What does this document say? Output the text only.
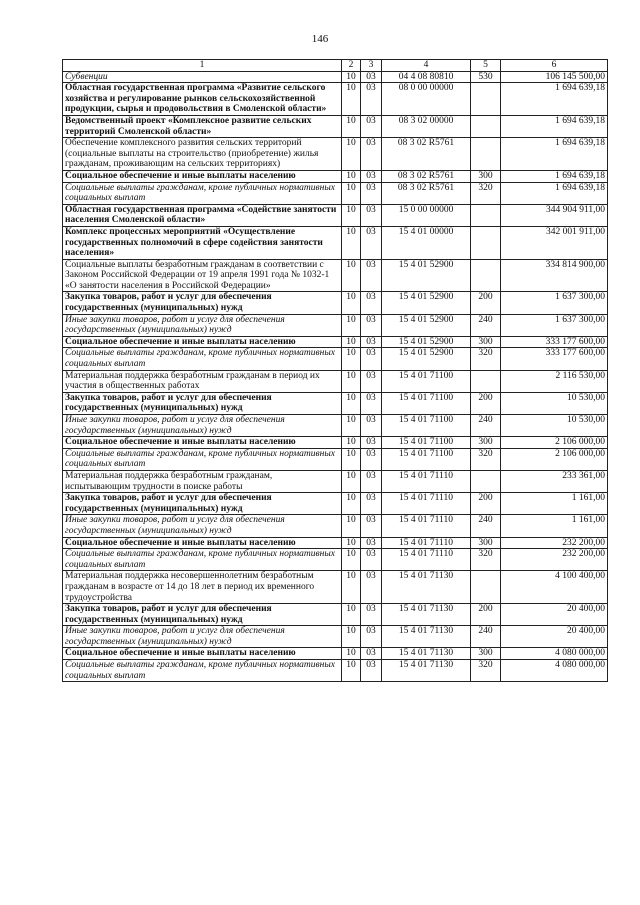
146
1	2	3	4	5	6
Субвенции	10	03	04 4 08 80810	530	106 145 500,00
Областная государственная программа «Развитие сельского хозяйства и регулирование рынков сельскохозяйственной продукции, сырья и продовольствия в Смоленской области»	10	03	08 0 00 00000		1 694 639,18
Ведомственный проект «Комплексное развитие сельских территорий Смоленской области»	10	03	08 3 02 00000		1 694 639,18
Обеспечение комплексного развития сельских территорий (социальные выплаты на строительство (приобретение) жилья гражданам, проживающим на сельских территориях)	10	03	08 3 02 R5761		1 694 639,18
Социальное обеспечение и иные выплаты населению	10	03	08 3 02 R5761	300	1 694 639,18
Социальные выплаты гражданам, кроме публичных нормативных социальных выплат	10	03	08 3 02 R5761	320	1 694 639,18
Областная государственная программа «Содействие занятости населения Смоленской области»	10	03	15 0 00 00000		344 904 911,00
Комплекс процессных мероприятий «Осуществление государственных полномочий в сфере содействия занятости населения»	10	03	15 4 01 00000		342 001 911,00
Социальные выплаты безработным гражданам в соответствии с Законом Российской Федерации от 19 апреля 1991 года № 1032-1 «О занятости населения в Российской Федерации»	10	03	15 4 01 52900		334 814 900,00
Закупка товаров, работ и услуг для обеспечения государственных (муниципальных) нужд	10	03	15 4 01 52900	200	1 637 300,00
Иные закупки товаров, работ и услуг для обеспечения государственных (муниципальных) нужд	10	03	15 4 01 52900	240	1 637 300,00
Социальное обеспечение и иные выплаты населению	10	03	15 4 01 52900	300	333 177 600,00
Социальные выплаты гражданам, кроме публичных нормативных социальных выплат	10	03	15 4 01 52900	320	333 177 600,00
Материальная поддержка безработным гражданам в период их участия в общественных работах	10	03	15 4 01 71100		2 116 530,00
Закупка товаров, работ и услуг для обеспечения государственных (муниципальных) нужд	10	03	15 4 01 71100	200	10 530,00
Иные закупки товаров, работ и услуг для обеспечения государственных (муниципальных) нужд	10	03	15 4 01 71100	240	10 530,00
Социальное обеспечение и иные выплаты населению	10	03	15 4 01 71100	300	2 106 000,00
Социальные выплаты гражданам, кроме публичных нормативных социальных выплат	10	03	15 4 01 71100	320	2 106 000,00
Материальная поддержка безработным гражданам, испытывающим трудности в поиске работы	10	03	15 4 01 71110		233 361,00
Закупка товаров, работ и услуг для обеспечения государственных (муниципальных) нужд	10	03	15 4 01 71110	200	1 161,00
Иные закупки товаров, работ и услуг для обеспечения государственных (муниципальных) нужд	10	03	15 4 01 71110	240	1 161,00
Социальное обеспечение и иные выплаты населению	10	03	15 4 01 71110	300	232 200,00
Социальные выплаты гражданам, кроме публичных нормативных социальных выплат	10	03	15 4 01 71110	320	232 200,00
Материальная поддержка несовершеннолетним безработным гражданам в возрасте от 14 до 18 лет в период их временного трудоустройства	10	03	15 4 01 71130		4 100 400,00
Закупка товаров, работ и услуг для обеспечения государственных (муниципальных) нужд	10	03	15 4 01 71130	200	20 400,00
Иные закупки товаров, работ и услуг для обеспечения государственных (муниципальных) нужд	10	03	15 4 01 71130	240	20 400,00
Социальное обеспечение и иные выплаты населению	10	03	15 4 01 71130	300	4 080 000,00
Социальные выплаты гражданам, кроме публичных нормативных социальных выплат	10	03	15 4 01 71130	320	4 080 000,00
